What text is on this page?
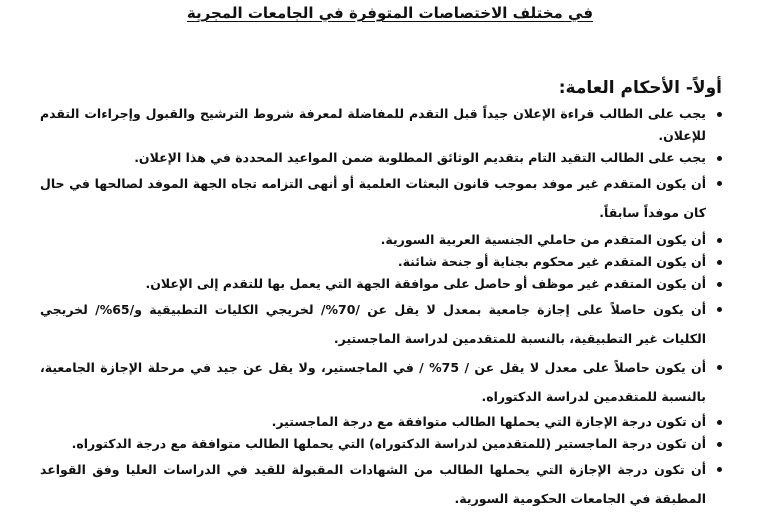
في مختلف الاختصاصات المتوفرة في الجامعات المجرية
أولاً- الأحكام العامة:
يجب على الطالب قراءة الإعلان جيداً قبل التقدم للمفاضلة لمعرفة شروط الترشيح والقبول وإجراءات التقدم للإعلان.
يجب على الطالب التقيد التام بتقديم الوثائق المطلوبة ضمن المواعيد المحددة في هذا الإعلان.
أن يكون المتقدم غير موفد بموجب قانون البعثات العلمية أو أنهى التزامه تجاه الجهة الموفد لصالحها في حال كان موفداً سابقاً.
أن يكون المتقدم من حاملي الجنسية العربية السورية.
أن يكون المتقدم غير محكوم بجناية أو جنحة شائنة.
أن يكون المتقدم غير موظف أو حاصل على موافقة الجهة التي يعمل بها للتقدم إلى الإعلان.
أن يكون حاصلاً على إجازة جامعية بمعدل لا يقل عن /70%/ لخريجي الكليات التطبيقية و/65%/ لخريجي الكليات غير التطبيقية، بالنسبة للمتقدمين لدراسة الماجستير.
أن يكون حاصلاً على معدل لا يقل عن / 75% / في الماجستير، ولا يقل عن جيد في مرحلة الإجازة الجامعية، بالنسبة للمتقدمين لدراسة الدكتوراه.
أن تكون درجة الإجازة التي يحملها الطالب متوافقة مع درجة الماجستير.
أن تكون درجة الماجستير (للمتقدمين لدراسة الدكتوراه) التي يحملها الطالب متوافقة مع درجة الدكتوراه.
أن تكون درجة الإجازة التي يحملها الطالب من الشهادات المقبولة للقيد في الدراسات العليا وفق القواعد المطبقة في الجامعات الحكومية السورية.
